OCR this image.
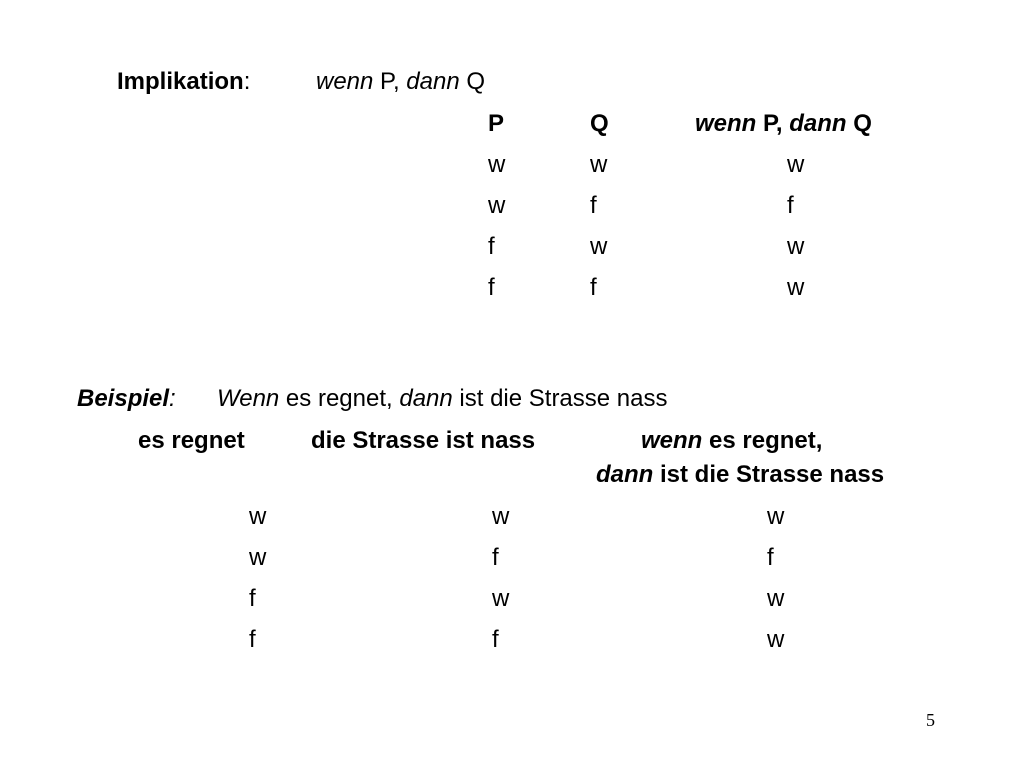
Implikation:	wenn P, dann Q
P	Q	wenn P, dann Q
w	w	w
w	f	f
f	w	w
f	f	w
Beispiel: Wenn es regnet, dann ist die Strasse nass
es regnet	die Strasse ist nass	wenn es regnet,
dann ist die Strasse nass
w	w	w
w	f	f
f	w	w
f	f	w
5
